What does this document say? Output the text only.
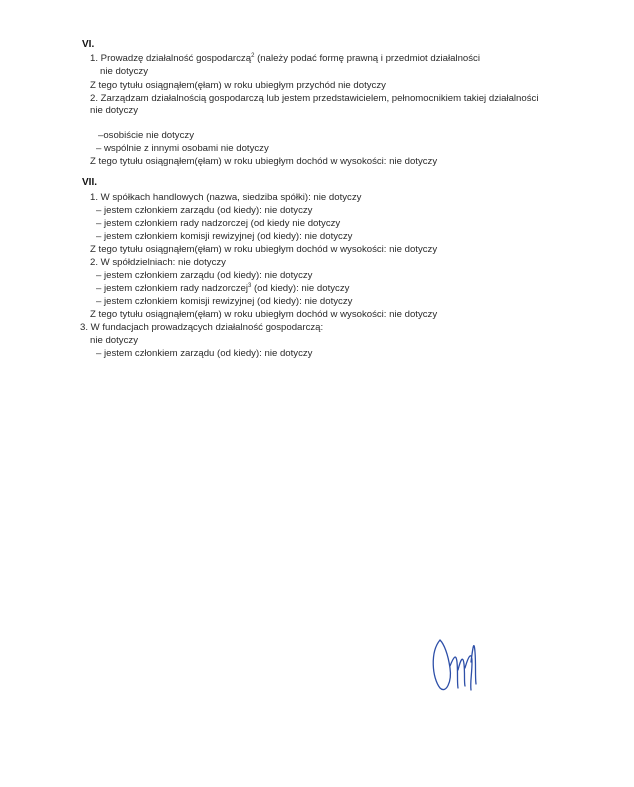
VI.
1. Prowadzę działalność gospodarczą$^2$ (należy podać formę prawną i przedmiot działalności
nie dotyczy
Z tego tytułu osiągnąłem(ęłam) w roku ubiegłym przychód nie dotyczy
2. Zarządzam działalnością gospodarczą lub jestem przedstawicielem, pełnomocnikiem takiej działalności
nie dotyczy
–osobiście nie dotyczy
– wspólnie z innymi osobami nie dotyczy
Z tego tytułu osiągnąłem(ęłam) w roku ubiegłym dochód w wysokości: nie dotyczy
VII.
1. W spółkach handlowych (nazwa, siedziba spółki): nie dotyczy
– jestem członkiem zarządu (od kiedy): nie dotyczy
– jestem członkiem rady nadzorczej (od kiedy nie dotyczy
– jestem członkiem komisji rewizyjnej (od kiedy): nie dotyczy
Z tego tytułu osiągnąłem(ęłam) w roku ubiegłym dochód w wysokości: nie dotyczy
2. W spółdzielniach: nie dotyczy
– jestem członkiem zarządu (od kiedy): nie dotyczy
– jestem członkiem rady nadzorczej$^3$ (od kiedy): nie dotyczy
– jestem członkiem komisji rewizyjnej (od kiedy): nie dotyczy
Z tego tytułu osiągnąłem(ęłam) w roku ubiegłym dochód w wysokości: nie dotyczy
3. W fundacjach prowadzących działalność gospodarczą:
nie dotyczy
– jestem członkiem zarządu (od kiedy): nie dotyczy
